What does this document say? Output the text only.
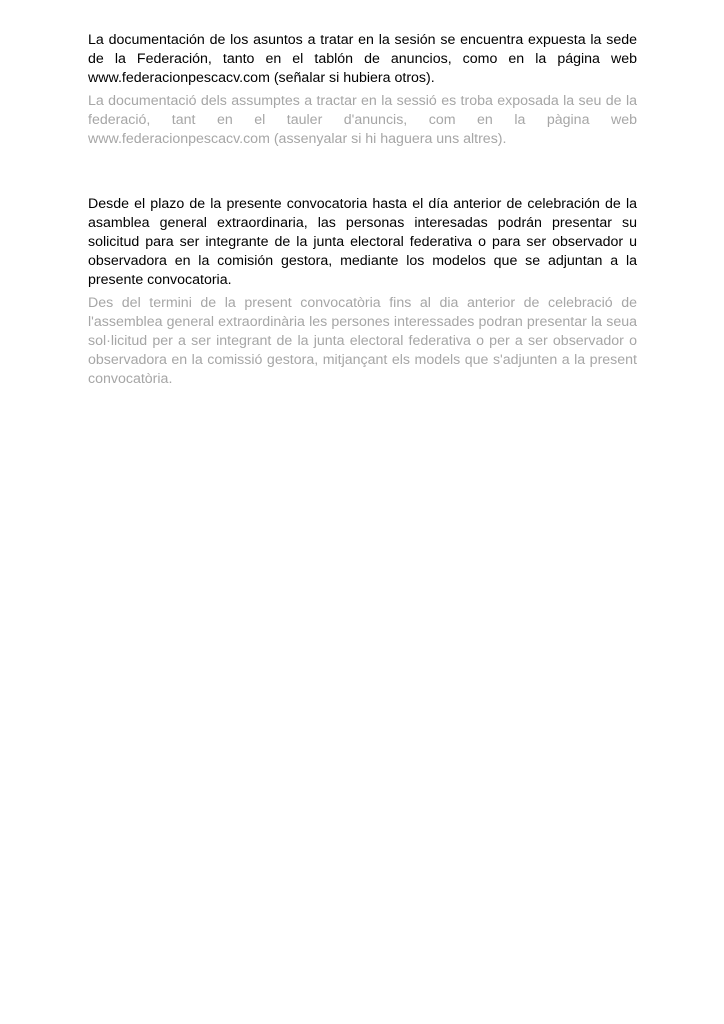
La documentación de los asuntos a tratar en la sesión se encuentra expuesta la sede de la Federación, tanto en el tablón de anuncios, como en la página web www.federacionpescacv.com (señalar si hubiera otros).

La documentació dels assumptes a tractar en la sessió es troba exposada la seu de la federació, tant en el tauler d'anuncis, com en la pàgina web www.federacionpescacv.com (assenyalar si hi haguera uns altres).

Desde el plazo de la presente convocatoria hasta el día anterior de celebración de la asamblea general extraordinaria, las personas interesadas podrán presentar su solicitud para ser integrante de la junta electoral federativa o para ser observador u observadora en la comisión gestora, mediante los modelos que se adjuntan a la presente convocatoria.

Des del termini de la present convocatòria fins al dia anterior de celebració de l'assemblea general extraordinària les persones interessades podran presentar la seua sol·licitud per a ser integrant de la junta electoral federativa o per a ser observador o observadora en la comissió gestora, mitjançant els models que s'adjunten a la present convocatòria.
